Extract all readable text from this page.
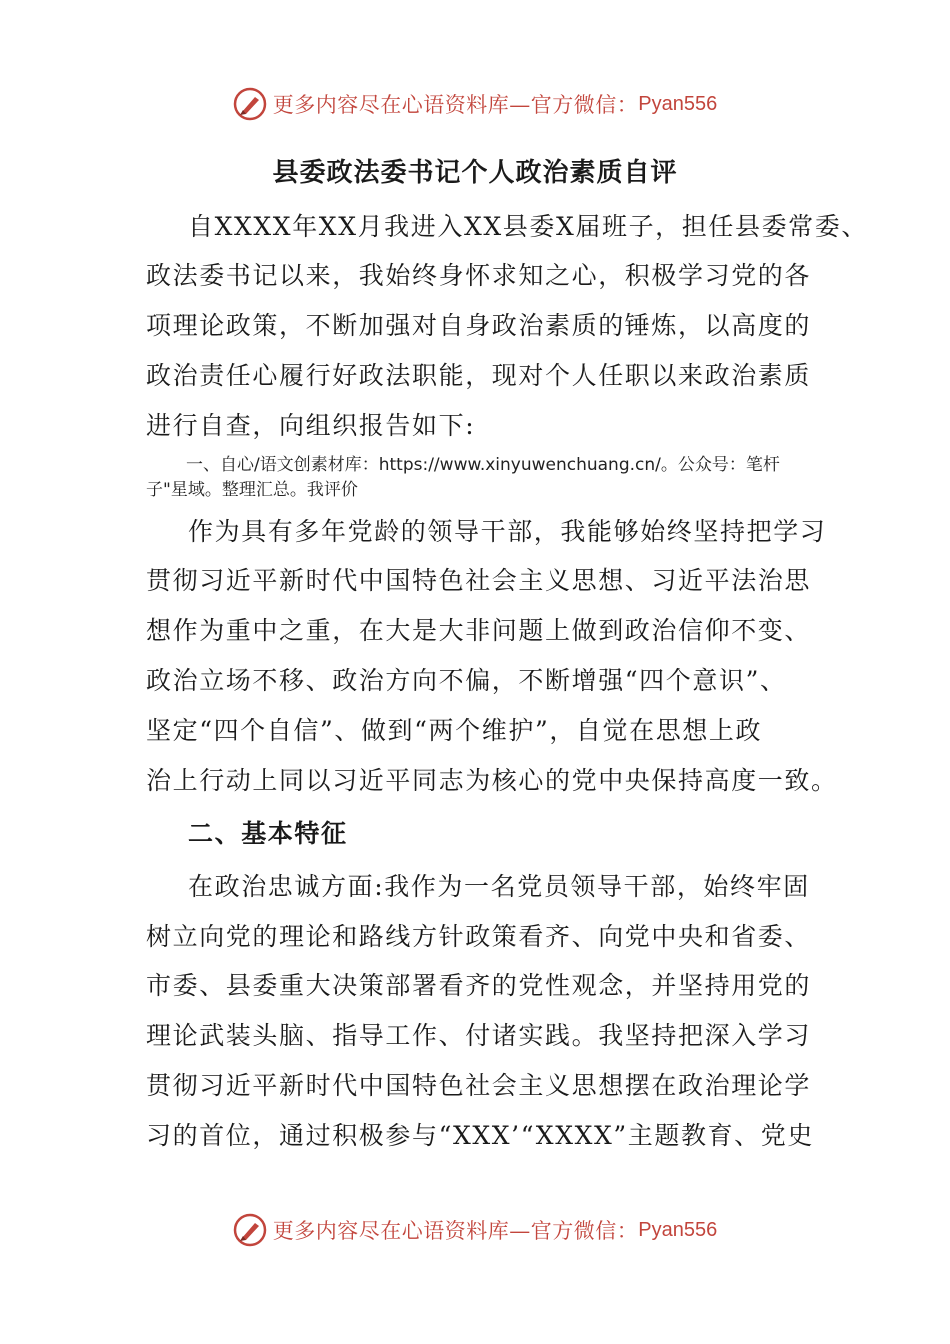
更多内容尽在心语资料库—官方微信： Pyan556
县委政法委书记个人政治素质自评
自XXXX年XX月我进入XX县委X届班子，担任县委常委、
政法委书记以来，我始终身怀求知之心，积极学习党的各
项理论政策，不断加强对自身政治素质的锤炼，以高度的
政治责任心履行好政法职能，现对个人任职以来政治素质
进行自查，向组织报告如下:
一、自心/语文创素材库：https://www.xinyuwenchuang.cn/。公众号：笔杆
子"星域。整理汇总。我评价
作为具有多年党龄的领导干部，我能够始终坚持把学习
贯彻习近平新时代中国特色社会主义思想、习近平法治思
想作为重中之重，在大是大非问题上做到政治信仰不变、
政治立场不移、政治方向不偏，不断增强“四个意识”、
坚定“四个自信”、做到“两个维护”，自觉在思想上政
治上行动上同以习近平同志为核心的党中央保持高度一致。
二、基本特征
在政治忠诚方面:我作为一名党员领导干部，始终牢固
树立向党的理论和路线方针政策看齐、向党中央和省委、
市委、县委重大决策部署看齐的党性观念，并坚持用党的
理论武装头脑、指导工作、付诸实践。我坚持把深入学习
贯彻习近平新时代中国特色社会主义思想摆在政治理论学
习的首位，通过积极参与“XXX’“XXXX”主题教育、党史
更多内容尽在心语资料库—官方微信： Pyan556
